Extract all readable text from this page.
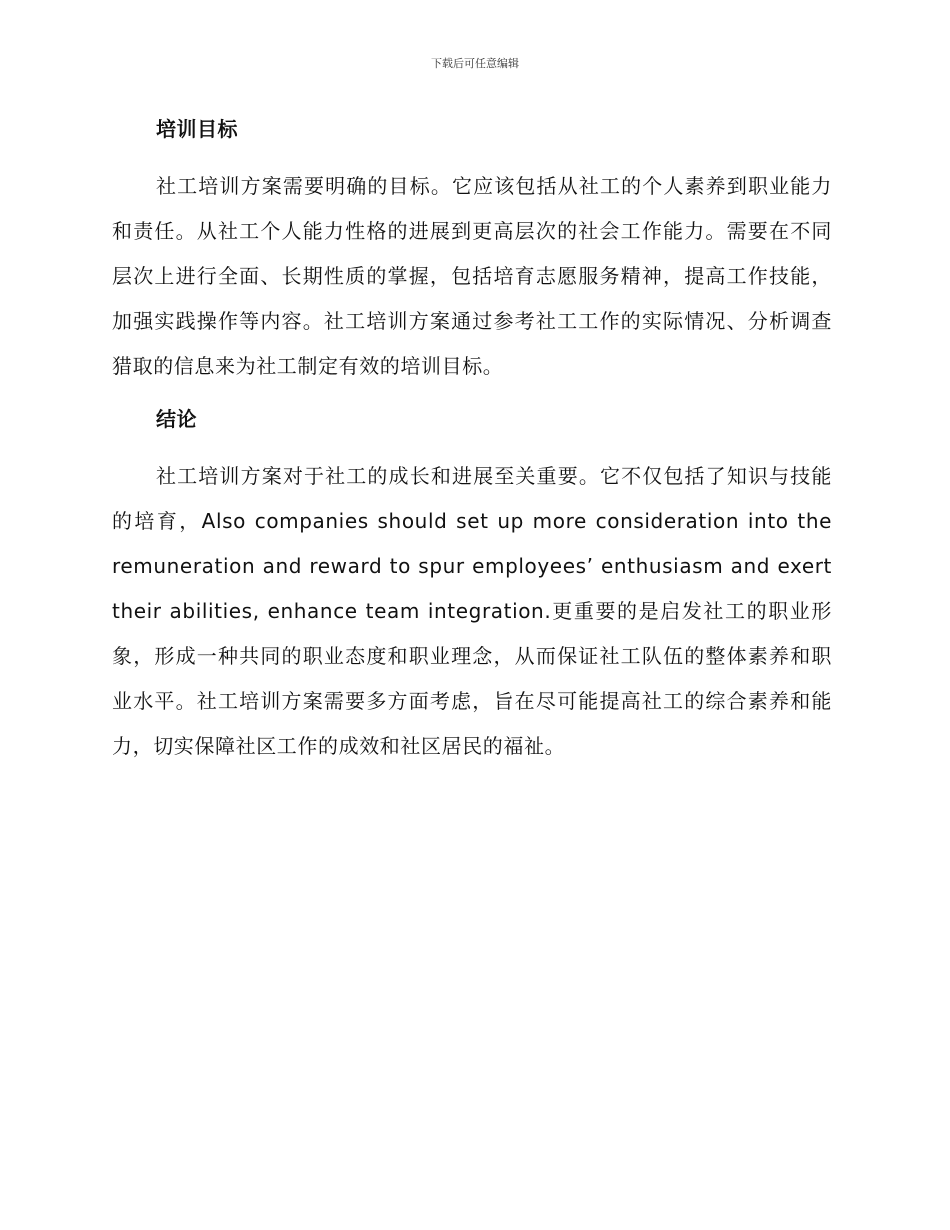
下载后可任意编辑
培训目标

社工培训方案需要明确的目标。它应该包括从社工的个人素养到职业能力和责任。从社工个人能力性格的进展到更高层次的社会工作能力。需要在不同层次上进行全面、长期性质的掌握，包括培育志愿服务精神，提高工作技能，加强实践操作等内容。社工培训方案通过参考社工工作的实际情况、分析调查猎取的信息来为社工制定有效的培训目标。

结论

社工培训方案对于社工的成长和进展至关重要。它不仅包括了知识与技能的培育，Also companies should set up more consideration into the remuneration and reward to spur employees’ enthusiasm and exert their abilities, enhance team integration.更重要的是启发社工的职业形象，形成一种共同的职业态度和职业理念，从而保证社工队伍的整体素养和职业水平。社工培训方案需要多方面考虑，旨在尽可能提高社工的综合素养和能力，切实保障社区工作的成效和社区居民的福祉。
